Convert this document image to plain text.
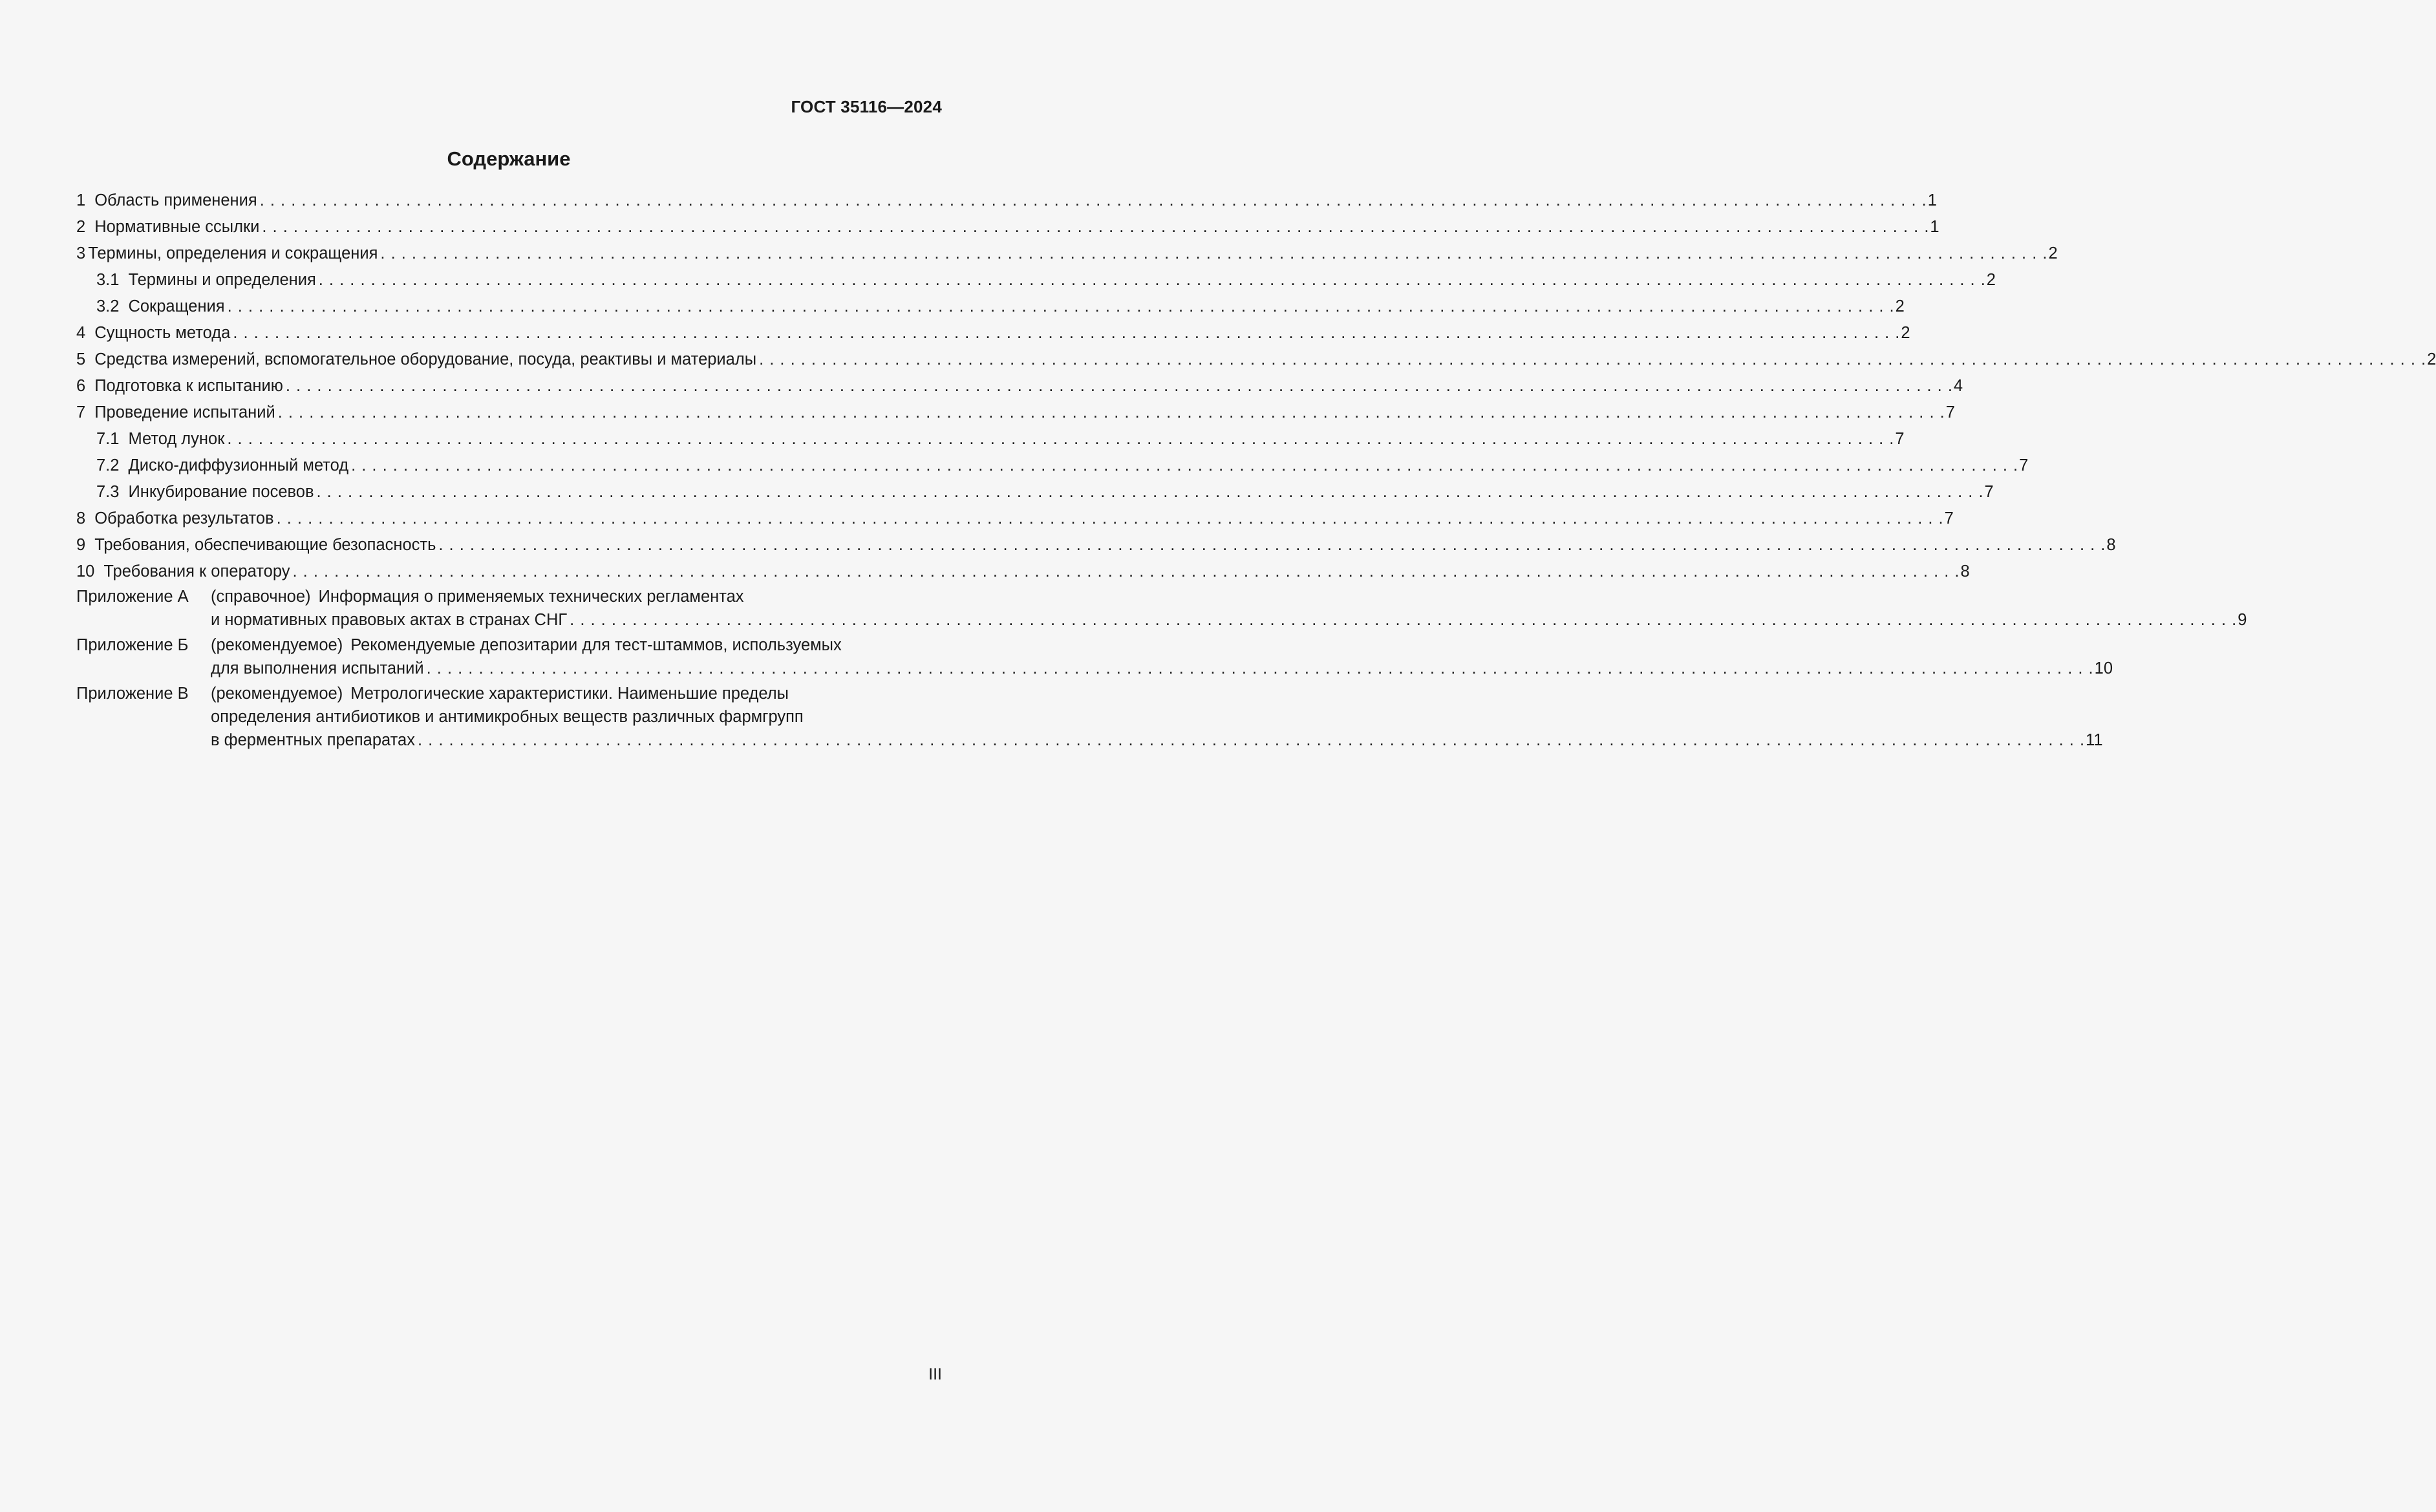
ГОСТ 35116—2024
Содержание
1 Область применения . . .	1
2 Нормативные ссылки . . .	1
3 Термины, определения и сокращения . . .	2
3.1 Термины и определения . . .	2
3.2 Сокращения . . .	2
4 Сущность метода . . .	2
5 Средства измерений, вспомогательное оборудование, посуда, реактивы и материалы . . .	2
6 Подготовка к испытанию . . .	4
7 Проведение испытаний . . .	7
7.1 Метод лунок . . .	7
7.2 Диско-диффузионный метод . . .	7
7.3 Инкубирование посевов . . .	7
8 Обработка результатов . . .	7
9 Требования, обеспечивающие безопасность . . .	8
10 Требования к оператору . . .	8
Приложение А	(справочное) Информация о применяемых технических регламентах
и нормативных правовых актах в странах СНГ . . .	9
Приложение Б	(рекомендуемое) Рекомендуемые депозитарии для тест-штаммов, используемых
для выполнения испытаний . . .	10
Приложение В	(рекомендуемое) Метрологические характеристики. Наименьшие пределы
определения антибиотиков и антимикробных веществ различных фармгрупп
в ферментных препаратах . . .	11
III
